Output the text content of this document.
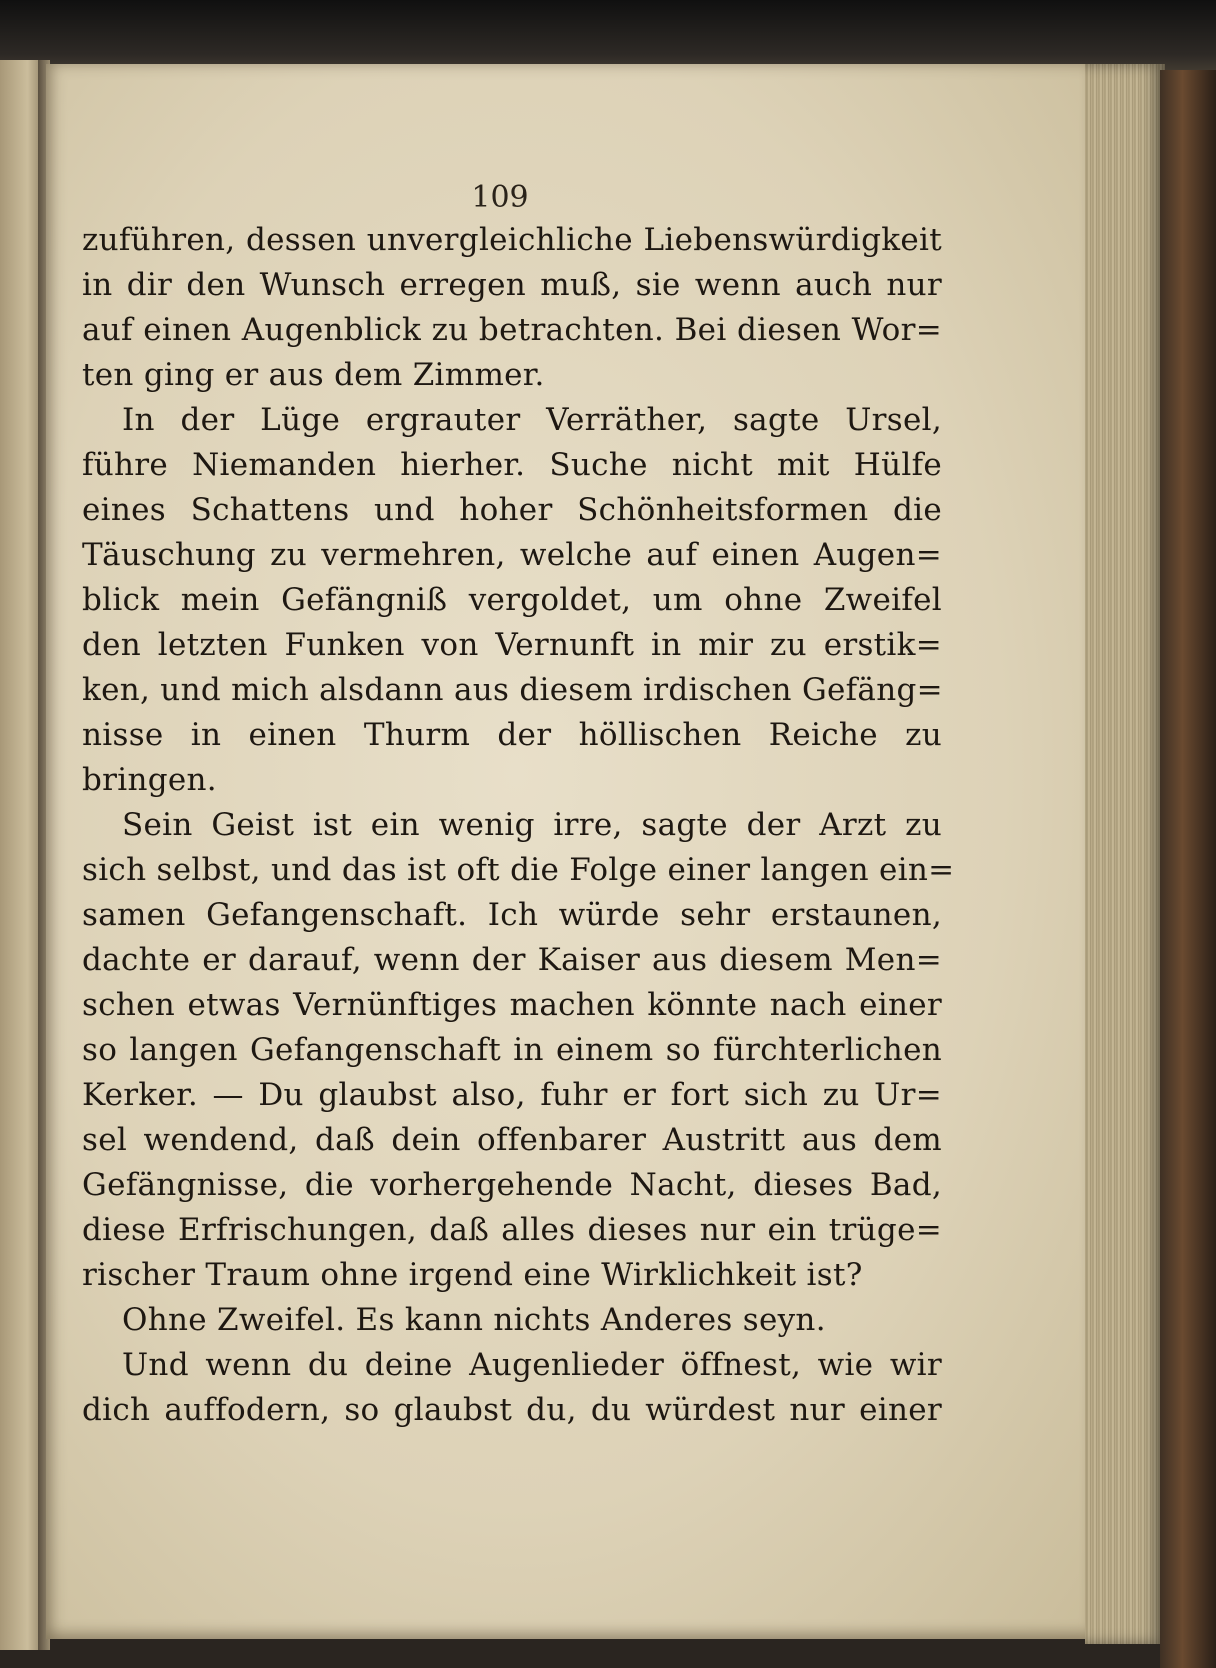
109
zuführen, dessen unvergleichliche Liebenswürdigkeit
in dir den Wunsch erregen muß, sie wenn auch nur
auf einen Augenblick zu betrachten. Bei diesen Wor=
ten ging er aus dem Zimmer.
In der Lüge ergrauter Verräther, sagte Ursel,
führe Niemanden hierher. Suche nicht mit Hülfe
eines Schattens und hoher Schönheitsformen die
Täuschung zu vermehren, welche auf einen Augen=
blick mein Gefängniß vergoldet, um ohne Zweifel
den letzten Funken von Vernunft in mir zu erstik=
ken, und mich alsdann aus diesem irdischen Gefäng=
nisse in einen Thurm der höllischen Reiche zu
bringen.
Sein Geist ist ein wenig irre, sagte der Arzt zu
sich selbst, und das ist oft die Folge einer langen ein=
samen Gefangenschaft. Ich würde sehr erstaunen,
dachte er darauf, wenn der Kaiser aus diesem Men=
schen etwas Vernünftiges machen könnte nach einer
so langen Gefangenschaft in einem so fürchterlichen
Kerker. — Du glaubst also, fuhr er fort sich zu Ur=
sel wendend, daß dein offenbarer Austritt aus dem
Gefängnisse, die vorhergehende Nacht, dieses Bad,
diese Erfrischungen, daß alles dieses nur ein trüge=
rischer Traum ohne irgend eine Wirklichkeit ist?
Ohne Zweifel. Es kann nichts Anderes seyn.
Und wenn du deine Augenlieder öffnest, wie wir
dich auffodern, so glaubst du, du würdest nur einer
